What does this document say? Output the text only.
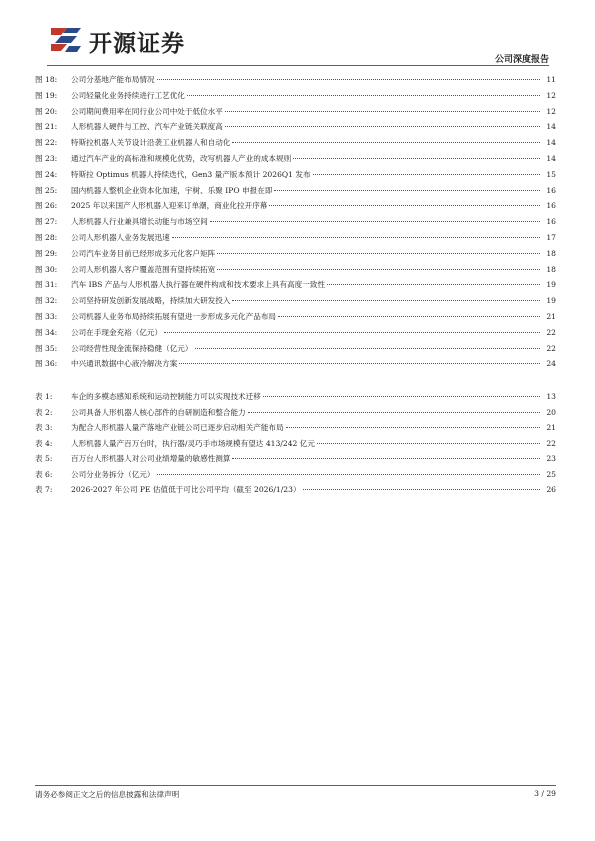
开源证券
公司深度报告
图 18:	公司分基地产能布局情况	11
图 19:	公司轻量化业务持续进行工艺优化	12
图 20:	公司期间费用率在同行业公司中处于低位水平	12
图 21:	人形机器人硬件与工控、汽车产业链关联度高	14
图 22:	特斯拉机器人关节设计沿袭工业机器人和自动化	14
图 23:	通过汽车产业的高标准和规模化优势，改写机器人产业的成本规则	14
图 24:	特斯拉 Optimus 机器人持续迭代，Gen3 量产版本预计 2026Q1 发布	15
图 25:	国内机器人整机企业资本化加速，宇树、乐聚 IPO 申报在即	16
图 26:	2025 年以来国产人形机器人迎来订单潮，商业化拉开序幕	16
图 27:	人形机器人行业兼具增长动能与市场空间	16
图 28:	公司人形机器人业务发展迅速	17
图 29:	公司汽车业务目前已经形成多元化客户矩阵	18
图 30:	公司人形机器人客户覆盖范围有望持续拓宽	18
图 31:	汽车 IBS 产品与人形机器人执行器在硬件构成和技术要求上具有高度一致性	19
图 32:	公司坚持研发创新发展战略，持续加大研发投入	19
图 33:	公司机器人业务布局持续拓展有望进一步形成多元化产品布局	21
图 34:	公司在手现金充裕（亿元）	22
图 35:	公司经营性现金流保持稳健（亿元）	22
图 36:	中兴通讯数据中心液冷解决方案	24
表 1:	车企的多模态感知系统和运动控制能力可以实现技术迁移	13
表 2:	公司具备人形机器人核心部件的自研制造和整合能力	20
表 3:	为配合人形机器人量产落地产业链公司已逐步启动相关产能布局	21
表 4:	人形机器人量产百万台时，执行器/灵巧手市场规模有望达 413/242 亿元	22
表 5:	百万台人形机器人对公司业绩增量的敏感性测算	23
表 6:	公司分业务拆分（亿元）	25
表 7:	2026-2027 年公司 PE 估值低于可比公司平均（截至 2026/1/23）	26
请务必参阅正文之后的信息披露和法律声明	3 / 29
